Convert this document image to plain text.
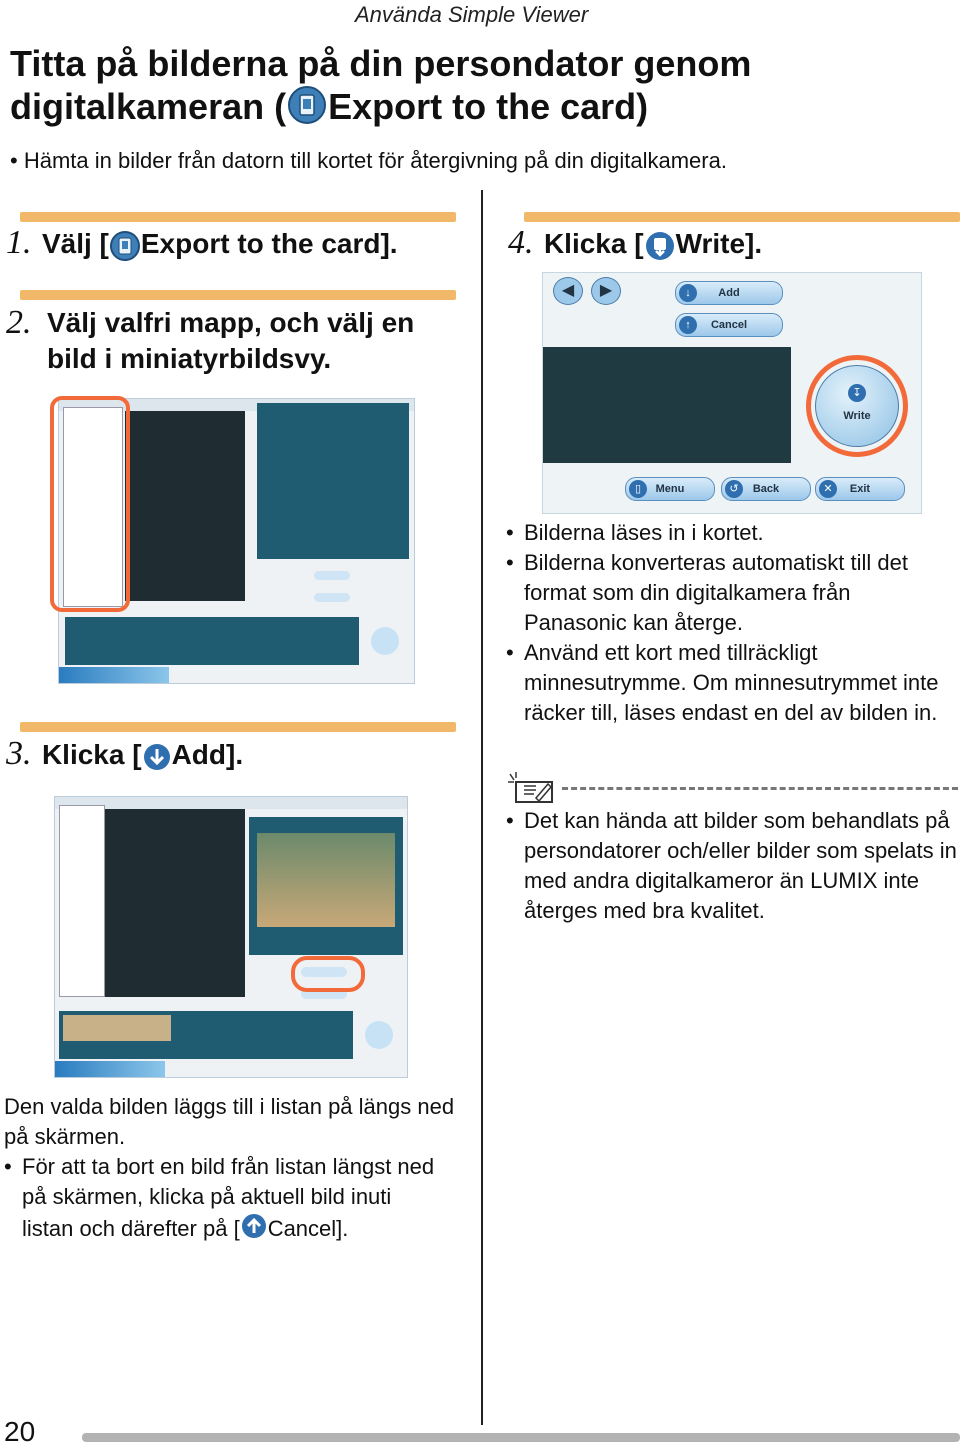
Använda Simple Viewer
Titta på bilderna på din persondator genom
digitalkameran ( Export to the card)
• Hämta in bilder från datorn till kortet för återgivning på din digitalkamera.
1. Välj [ Export to the card].
2. Välj valfri mapp, och välj en
bild i miniatyrbildsvy.
3. Klicka [ Add].
4. Klicka [ Write].
◀	▶	Add
↓
Cancel
↑
↧
Write
Menu
▯	Back
↺	Exit
✕
• Bilderna läses in i kortet.
• Bilderna konverteras automatiskt till det format som din digitalkamera från Panasonic kan återge.
• Använd ett kort med tillräckligt minnesutrymme. Om minnesutrymmet inte räcker till, läses endast en del av bilden in.
• Det kan hända att bilder som behandlats på persondatorer och/eller bilder som spelats in med andra digitalkameror än LUMIX inte återges med bra kvalitet.
Den valda bilden läggs till i listan på längs ned på skärmen.
• För att ta bort en bild från listan längst ned på skärmen, klicka på aktuell bild inuti listan och därefter på [ Cancel].
20
